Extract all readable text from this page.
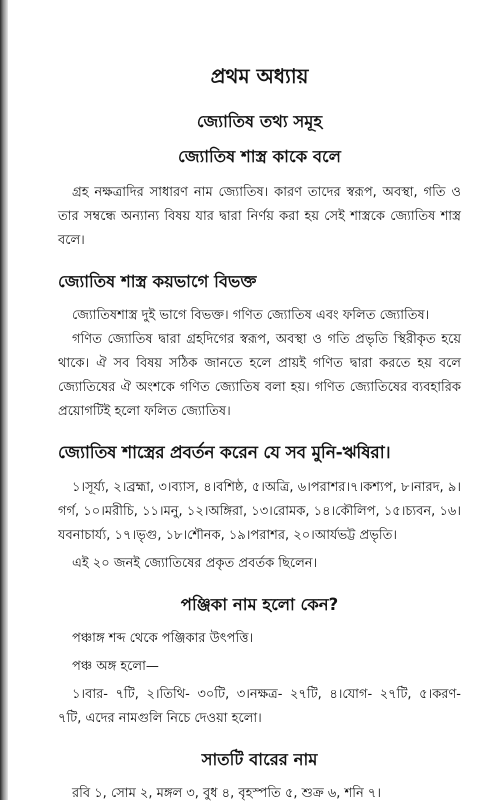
প্রথম অধ্যায়
জ্যোতিষ তথ্য সমূহ
জ্যোতিষ শাস্ত্র কাকে বলে

গ্রহ নক্ষত্রাদির সাধারণ নাম জ্যোতিষ। কারণ তাদের স্বরূপ, অবস্থা, গতি ও তার সম্বন্ধে অন্যান্য বিষয় যার দ্বারা নির্ণয় করা হয় সেই শাস্ত্রকে জ্যোতিষ শাস্ত্র বলে।

জ্যোতিষ শাস্ত্র কয়ভাগে বিভক্ত

জ্যোতিষশাস্ত্র দুই ভাগে বিভক্ত। গণিত জ্যোতিষ এবং ফলিত জ্যোতিষ।

গণিত জ্যোতিষ দ্বারা গ্রহদিগের স্বরূপ, অবস্থা ও গতি প্রভৃতি স্থিরীকৃত হয়ে থাকে। ঐ সব বিষয় সঠিক জানতে হলে প্রায়ই গণিত দ্বারা করতে হয় বলে জ্যোতিষের ঐ অংশকে গণিত জ্যোতিষ বলা হয়। গণিত জ্যোতিষের ব্যবহারিক প্রয়োগটিই হলো ফলিত জ্যোতিষ।

জ্যোতিষ শাস্ত্রের প্রবর্তন করেন যে সব মুনি-ঋষিরা।

১।সূর্য্য, ২।ব্রহ্মা, ৩।ব্যাস, ৪।বশিষ্ঠ, ৫।অত্রি, ৬।পরাশর।৭।কশ্যপ, ৮।নারদ, ৯।গর্গ, ১০।মরীচি, ১১।মনু, ১২।অঙ্গিরা, ১৩।রোমক, ১৪।কৌলিপ, ১৫।চ্যবন, ১৬।যবনাচার্য্য, ১৭।ভৃগু, ১৮।শৌনক, ১৯।পরাশর, ২০।আর্যভট্ট প্রভৃতি।

এই ২০ জনই জ্যোতিষের প্রকৃত প্রবর্তক ছিলেন।

পঞ্জিকা নাম হলো কেন?

পঞ্চাঙ্গ শব্দ থেকে পঞ্জিকার উৎপত্তি।

পঞ্চ অঙ্গ হলো—

১।বার- ৭টি, ২।তিথি- ৩০টি, ৩।নক্ষত্র- ২৭টি, ৪।যোগ- ২৭টি, ৫।করণ- ৭টি, এদের নামগুলি নিচে দেওয়া হলো।

সাতটি বারের নাম

রবি ১, সোম ২, মঙ্গল ৩, বুধ ৪, বৃহস্পতি ৫, শুক্র ৬, শনি ৭।
